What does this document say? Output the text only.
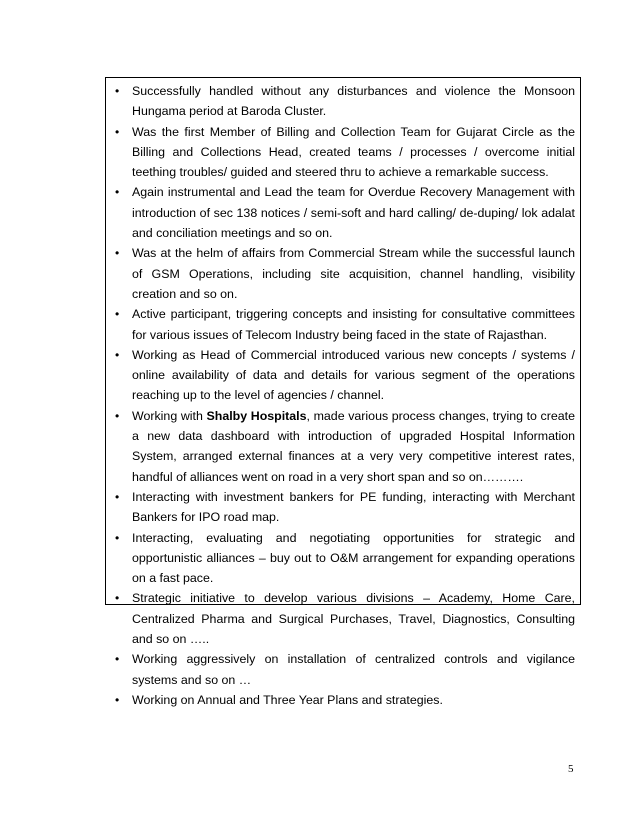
• Successfully handled without any disturbances and violence the Monsoon Hungama period at Baroda Cluster.
• Was the first Member of Billing and Collection Team for Gujarat Circle as the Billing and Collections Head, created teams / processes / overcome initial teething troubles/ guided and steered thru to achieve a remarkable success.
• Again instrumental and Lead the team for Overdue Recovery Management with introduction of sec 138 notices / semi-soft and hard calling/ de-duping/ lok adalat and conciliation meetings and so on.
• Was at the helm of affairs from Commercial Stream while the successful launch of GSM Operations, including site acquisition, channel handling, visibility creation and so on.
• Active participant, triggering concepts and insisting for consultative committees for various issues of Telecom Industry being faced in the state of Rajasthan.
• Working as Head of Commercial introduced various new concepts / systems / online availability of data and details for various segment of the operations reaching up to the level of agencies / channel.
• Working with Shalby Hospitals, made various process changes, trying to create a new data dashboard with introduction of upgraded Hospital Information System, arranged external finances at a very very competitive interest rates, handful of alliances went on road in a very short span and so on……….
• Interacting with investment bankers for PE funding, interacting with Merchant Bankers for IPO road map.
• Interacting, evaluating and negotiating opportunities for strategic and opportunistic alliances – buy out to O&M arrangement for expanding operations on a fast pace.
• Strategic initiative to develop various divisions – Academy, Home Care, Centralized Pharma and Surgical Purchases, Travel, Diagnostics, Consulting and so on …..
• Working aggressively on installation of centralized controls and vigilance systems and so on …
• Working on Annual and Three Year Plans and strategies.
5
